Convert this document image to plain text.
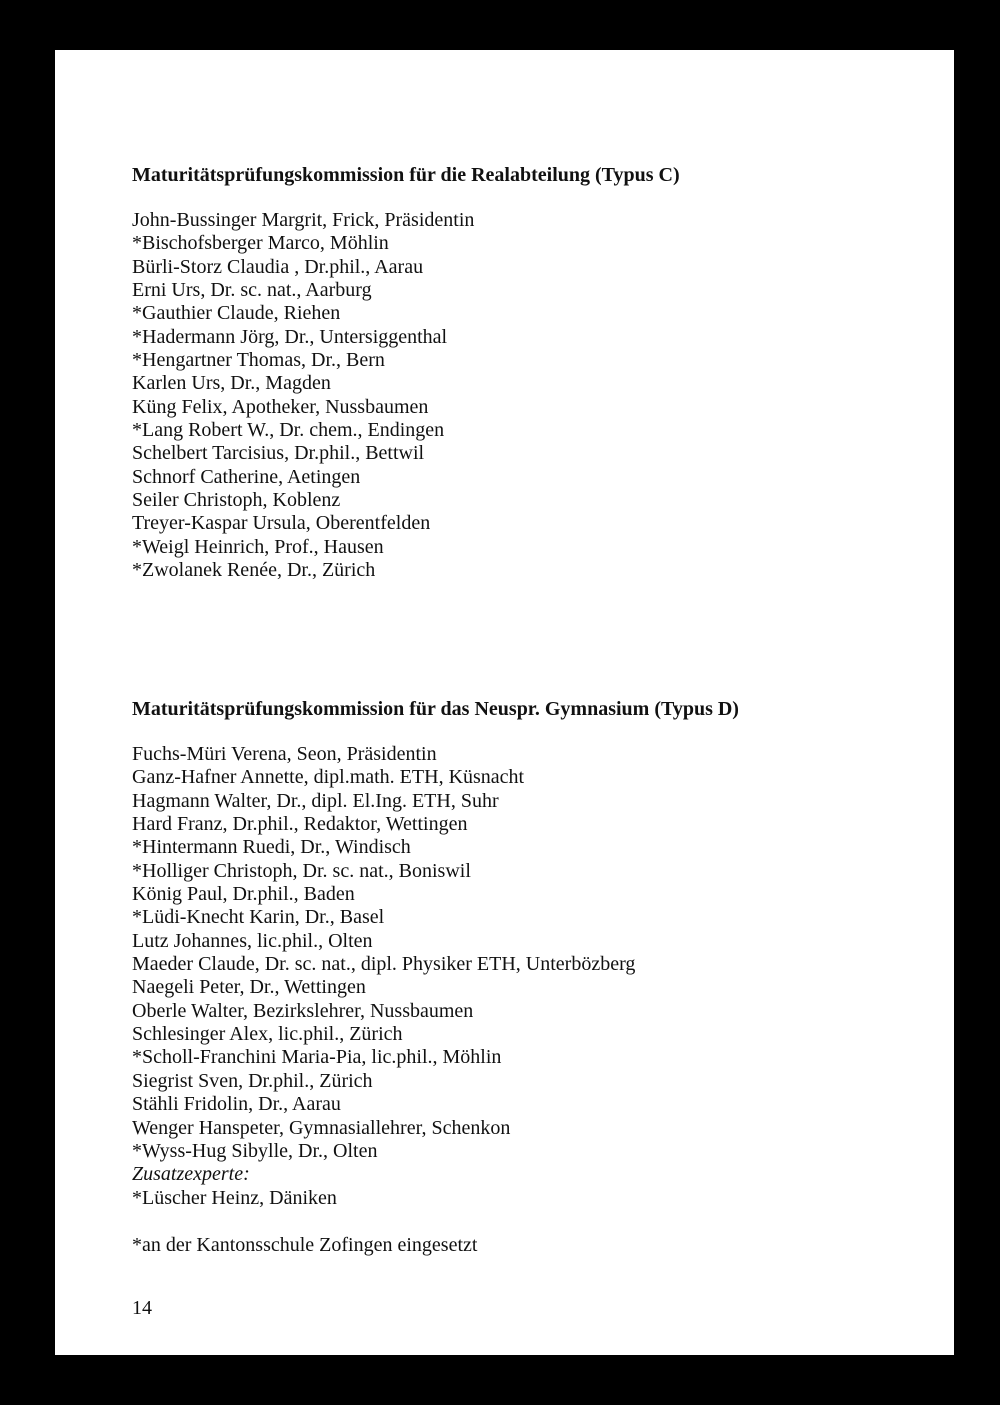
Maturitätsprüfungskommission für die Realabteilung (Typus C)
John-Bussinger Margrit, Frick, Präsidentin
*Bischofsberger Marco, Möhlin
Bürli-Storz Claudia , Dr.phil., Aarau
Erni Urs, Dr. sc. nat., Aarburg
*Gauthier Claude, Riehen
*Hadermann Jörg, Dr., Untersiggenthal
*Hengartner Thomas, Dr., Bern
Karlen Urs, Dr., Magden
Küng Felix, Apotheker, Nussbaumen
*Lang Robert W., Dr. chem., Endingen
Schelbert Tarcisius, Dr.phil., Bettwil
Schnorf Catherine, Aetingen
Seiler Christoph, Koblenz
Treyer-Kaspar Ursula, Oberentfelden
*Weigl Heinrich, Prof., Hausen
*Zwolanek Renée, Dr., Zürich
Maturitätsprüfungskommission für das Neuspr. Gymnasium (Typus D)
Fuchs-Müri Verena, Seon, Präsidentin
Ganz-Hafner Annette, dipl.math. ETH, Küsnacht
Hagmann Walter, Dr., dipl. El.Ing. ETH, Suhr
Hard Franz, Dr.phil., Redaktor, Wettingen
*Hintermann Ruedi, Dr., Windisch
*Holliger Christoph, Dr. sc. nat., Boniswil
König Paul, Dr.phil., Baden
*Lüdi-Knecht Karin, Dr., Basel
Lutz Johannes, lic.phil., Olten
Maeder Claude, Dr. sc. nat., dipl. Physiker ETH, Unterbözberg
Naegeli Peter, Dr., Wettingen
Oberle Walter, Bezirkslehrer, Nussbaumen
Schlesinger Alex, lic.phil., Zürich
*Scholl-Franchini Maria-Pia, lic.phil., Möhlin
Siegrist Sven, Dr.phil., Zürich
Stähli Fridolin, Dr., Aarau
Wenger Hanspeter, Gymnasiallehrer, Schenkon
*Wyss-Hug Sibylle, Dr., Olten
Zusatzexperte:
*Lüscher Heinz, Däniken
*an der Kantonsschule Zofingen eingesetzt
14
